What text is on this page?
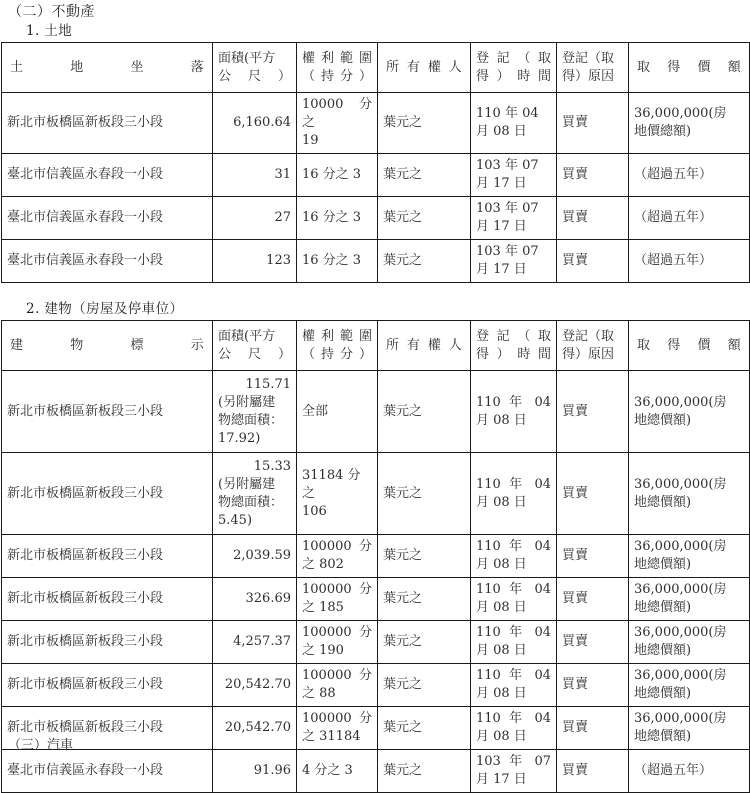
（二）不動產
1. 土地
土 地 坐 落	面積(平方
公 尺 ）	權 利 範 圍
（ 持 分 ）	所 有 權 人	登 記 （ 取
得 ） 時 間	登記（取
得）原因	取 得 價 額
新北市板橋區新板段三小段	6,160.64	10000 分之
19	葉元之	110 年 04
月 08 日	買賣	36,000,000(房
地價總額)

臺北市信義區永春段一小段	31	16 分之 3	葉元之	103 年 07
月 17 日	買賣	（超過五年）

臺北市信義區永春段一小段	27	16 分之 3	葉元之	103 年 07
月 17 日	買賣	（超過五年）

臺北市信義區永春段一小段	123	16 分之 3	葉元之	103 年 07
月 17 日	買賣	（超過五年）
2. 建物（房屋及停車位）
建 物 標 示	面積(平方
公 尺 ）	權 利 範 圍
（ 持 分 ）	所 有 權 人	登 記 （ 取
得 ） 時 間	登記（取
得）原因	取 得 價 額
新北市板橋區新板段三小段	115.71
(另附屬建
物總面積：
17.92)	全部	葉元之	110 年 04
月 08 日	買賣	36,000,000(房
地總價額)

新北市板橋區新板段三小段	15.33
(另附屬建
物總面積：
5.45)	31184 分之
106	葉元之	110 年 04
月 08 日	買賣	36,000,000(房
地總價額)

新北市板橋區新板段三小段	2,039.59	100000 分
之 802	葉元之	110 年 04
月 08 日	買賣	36,000,000(房
地總價額)

新北市板橋區新板段三小段	326.69	100000 分
之 185	葉元之	110 年 04
月 08 日	買賣	36,000,000(房
地總價額)

新北市板橋區新板段三小段	4,257.37	100000 分
之 190	葉元之	110 年 04
月 08 日	買賣	36,000,000(房
地總價額)

新北市板橋區新板段三小段	20,542.70	100000 分
之 88	葉元之	110 年 04
月 08 日	買賣	36,000,000(房
地總價額)

新北市板橋區新板段三小段	20,542.70	100000 分
之 31184	葉元之	110 年 04
月 08 日	買賣	36,000,000(房
地總價額)

臺北市信義區永春段一小段	91.96	4 分之 3	葉元之	103 年 07
月 17 日	買賣	（超過五年）
（三）汽車
